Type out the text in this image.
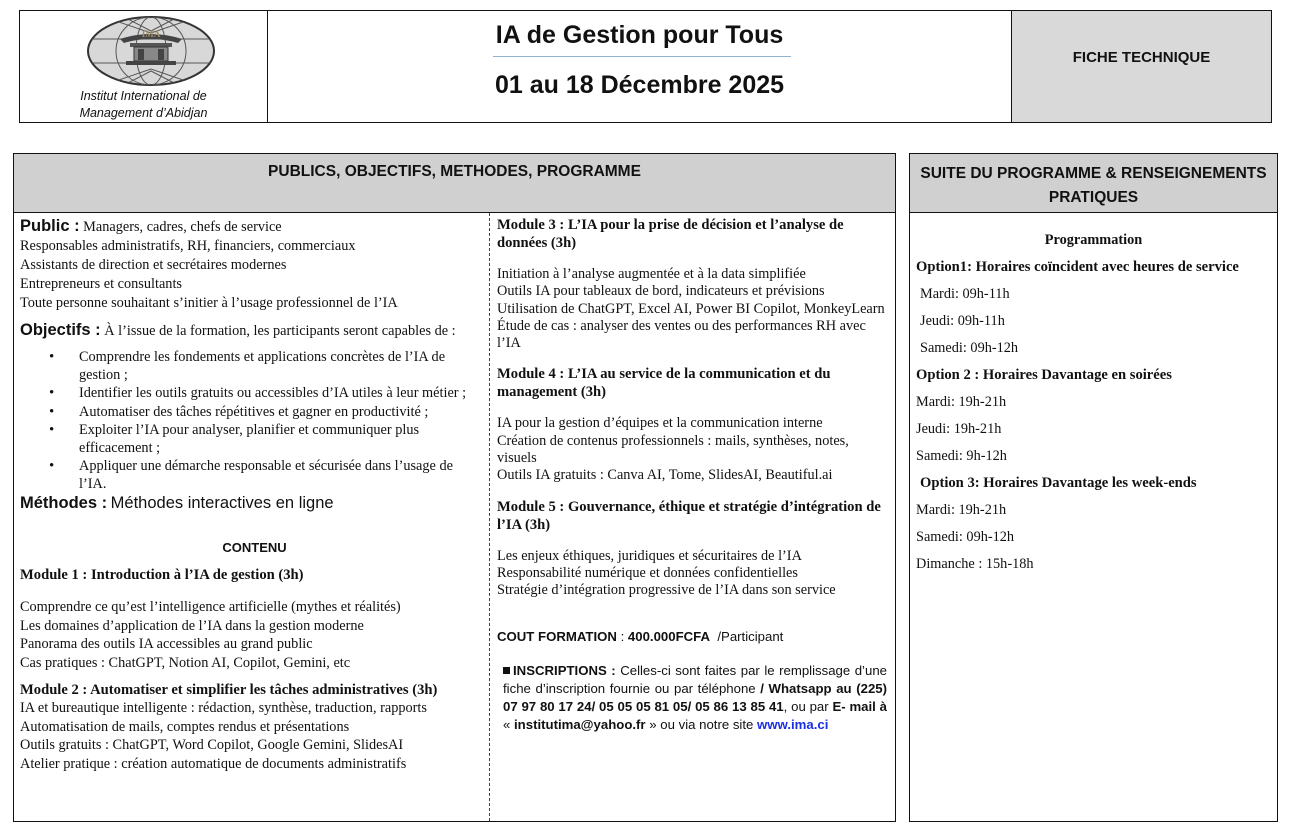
IMA
Institut International de
Management d’Abidjan
IA de Gestion pour Tous
01 au 18 Décembre 2025
FICHE TECHNIQUE
PUBLICS, OBJECTIFS, METHODES, PROGRAMME
Public : Managers, cadres, chefs de service
Responsables administratifs, RH, financiers, commerciaux
Assistants de direction et secrétaires modernes
Entrepreneurs et consultants
Toute personne souhaitant s’initier à l’usage professionnel de l’IA
Objectifs : À l’issue de la formation, les participants seront capables de :
• Comprendre les fondements et applications concrètes de l’IA de gestion ;
• Identifier les outils gratuits ou accessibles d’IA utiles à leur métier ;
• Automatiser des tâches répétitives et gagner en productivité ;
• Exploiter l’IA pour analyser, planifier et communiquer plus efficacement ;
• Appliquer une démarche responsable et sécurisée dans l’usage de l’IA.
Méthodes : Méthodes interactives en ligne
CONTENU
Module 1 : Introduction à l’IA de gestion (3h)
Comprendre ce qu’est l’intelligence artificielle (mythes et réalités)
Les domaines d’application de l’IA dans la gestion moderne
Panorama des outils IA accessibles au grand public
Cas pratiques : ChatGPT, Notion AI, Copilot, Gemini, etc
Module 2 : Automatiser et simplifier les tâches administratives (3h)
IA et bureautique intelligente : rédaction, synthèse, traduction, rapports
Automatisation de mails, comptes rendus et présentations
Outils gratuits : ChatGPT, Word Copilot, Google Gemini, SlidesAI
Atelier pratique : création automatique de documents administratifs
Module 3 : L’IA pour la prise de décision et l’analyse de données (3h)
Initiation à l’analyse augmentée et à la data simplifiée
Outils IA pour tableaux de bord, indicateurs et prévisions
Utilisation de ChatGPT, Excel AI, Power BI Copilot, MonkeyLearn
Étude de cas : analyser des ventes ou des performances RH avec l’IA
Module 4 : L’IA au service de la communication et du management (3h)
IA pour la gestion d’équipes et la communication interne
Création de contenus professionnels : mails, synthèses, notes, visuels
Outils IA gratuits : Canva AI, Tome, SlidesAI, Beautiful.ai
Module 5 : Gouvernance, éthique et stratégie d’intégration de l’IA (3h)
Les enjeux éthiques, juridiques et sécuritaires de l’IA
Responsabilité numérique et données confidentielles
Stratégie d’intégration progressive de l’IA dans son service
COUT FORMATION : 400.000FCFA /Participant
INSCRIPTIONS : Celles-ci sont faites par le remplissage d’une fiche d’inscription fournie ou par téléphone / Whatsapp au (225) 07 97 80 17 24/ 05 05 05 81 05/ 05 86 13 85 41, ou par E- mail à « institutima@yahoo.fr » ou via notre site www.ima.ci
SUITE DU PROGRAMME & RENSEIGNEMENTS PRATIQUES
Programmation
Option1: Horaires coïncident avec heures de service
Mardi: 09h-11h
Jeudi: 09h-11h
Samedi: 09h-12h
Option 2 : Horaires Davantage en soirées
Mardi: 19h-21h
Jeudi: 19h-21h
Samedi: 9h-12h
Option 3: Horaires Davantage les week-ends
Mardi: 19h-21h
Samedi: 09h-12h
Dimanche : 15h-18h
